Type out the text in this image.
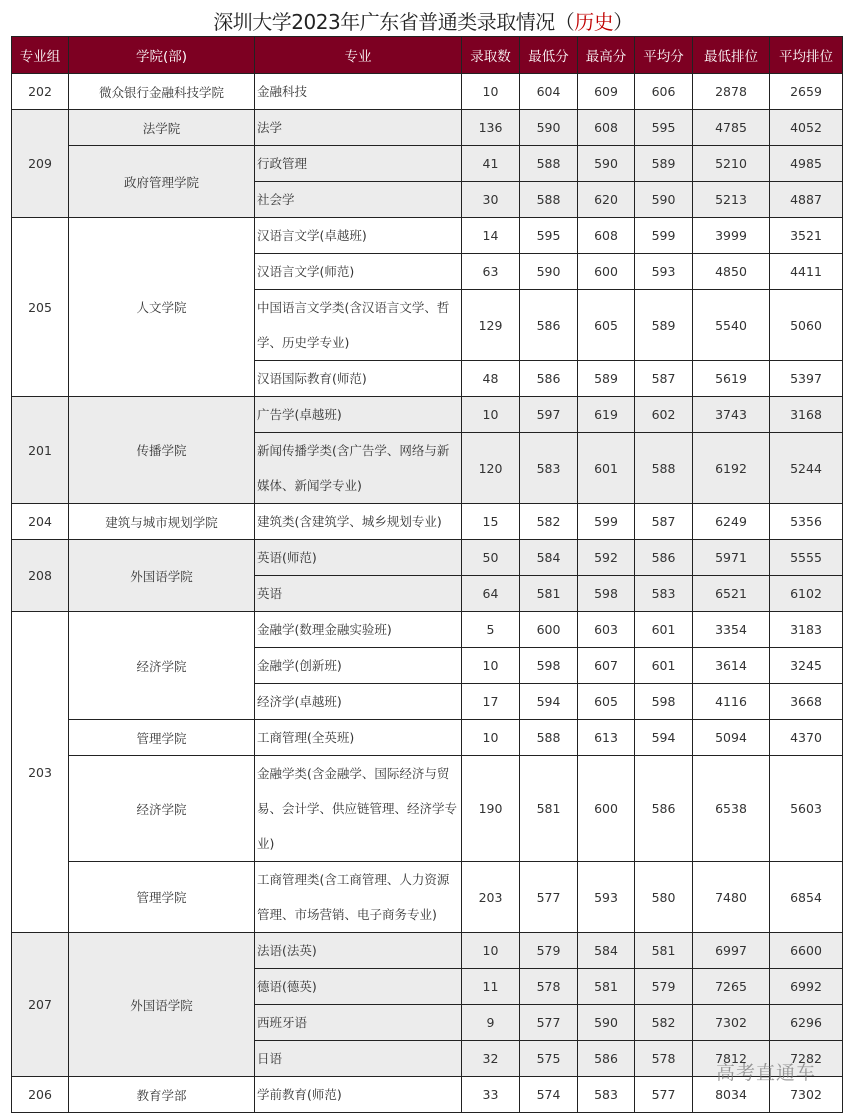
深圳大学2023年广东省普通类录取情况（历史）
专业组	学院(部)	专业	录取数	最低分	最高分	平均分	最低排位	平均排位
202	微众银行金融科技学院	金融科技	10	604	609	606	2878	2659
209	法学院	法学	136	590	608	595	4785	4052
	政府管理学院	行政管理	41	588	590	589	5210	4985
		社会学	30	588	620	590	5213	4887
205	人文学院	汉语言文学(卓越班)	14	595	608	599	3999	3521
		汉语言文学(师范)	63	590	600	593	4850	4411
		中国语言文学类(含汉语言文学、哲学、历史学专业)	129	586	605	589	5540	5060
		汉语国际教育(师范)	48	586	589	587	5619	5397
201	传播学院	广告学(卓越班)	10	597	619	602	3743	3168
		新闻传播学类(含广告学、网络与新媒体、新闻学专业)	120	583	601	588	6192	5244
204	建筑与城市规划学院	建筑类(含建筑学、城乡规划专业)	15	582	599	587	6249	5356
208	外国语学院	英语(师范)	50	584	592	586	5971	5555
		英语	64	581	598	583	6521	6102
203	经济学院	金融学(数理金融实验班)	5	600	603	601	3354	3183
		金融学(创新班)	10	598	607	601	3614	3245
		经济学(卓越班)	17	594	605	598	4116	3668
	管理学院	工商管理(全英班)	10	588	613	594	5094	4370
	经济学院	金融学类(含金融学、国际经济与贸易、会计学、供应链管理、经济学专业)	190	581	600	586	6538	5603
	管理学院	工商管理类(含工商管理、人力资源管理、市场营销、电子商务专业)	203	577	593	580	7480	6854
207	外国语学院	法语(法英)	10	579	584	581	6997	6600
		德语(德英)	11	578	581	579	7265	6992
		西班牙语	9	577	590	582	7302	6296
		日语	32	575	586	578	7812	7282
206	教育学部	学前教育(师范)	33	574	583	577	8034	7302
高考直通车
